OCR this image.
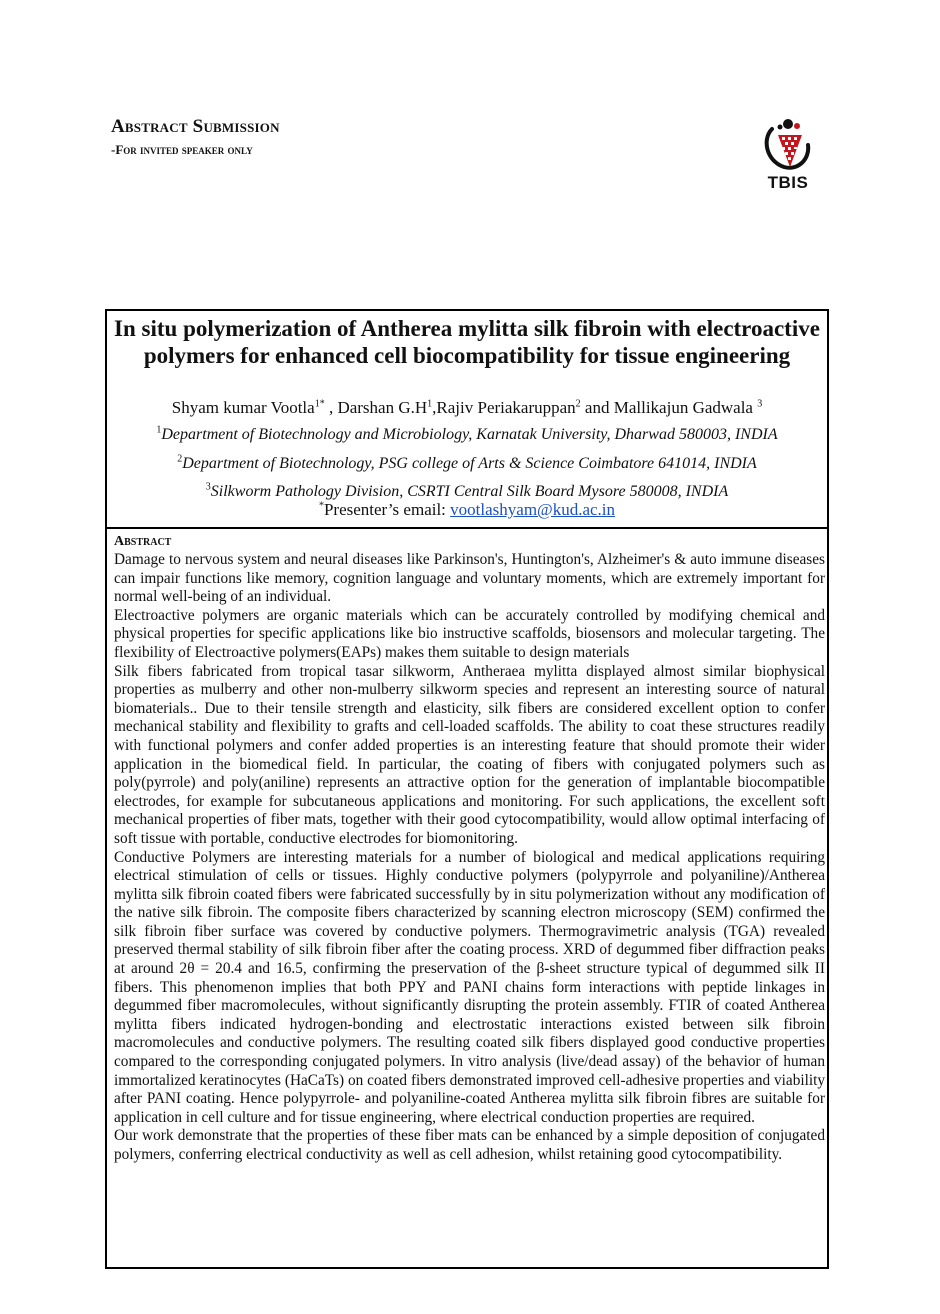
Abstract Submission
-For invited speaker only
TBIS
In situ polymerization of Antherea mylitta silk fibroin with electroactive polymers for enhanced cell biocompatibility for tissue engineering
Shyam kumar Vootla$^{1*}$ , Darshan $G.H^1,Rajiv$ Periakaruppan$^2$ and Mallikajun Gadwala $^3$
$^1$Department of Biotechnology and Microbiology, Karnatak University, Dharwad 580003, INDIA
$^2$Department of Biotechnology, PSG college of Arts & Science Coimbatore 641014, INDIA
$^3$Silkworm Pathology Division, CSRTI Central Silk Board Mysore 580008, INDIA
*Presenter’s email: vootlashyam@kud.ac.in
Abstract

Damage to nervous system and neural diseases like Parkinson's, Huntington's, Alzheimer's & auto immune diseases can impair functions like memory, cognition language and voluntary moments, which are extremely important for normal well-being of an individual.

Electroactive polymers are organic materials which can be accurately controlled by modifying chemical and physical properties for specific applications like bio instructive scaffolds, biosensors and molecular targeting. The flexibility of Electroactive polymers(EAPs) makes them suitable to design materials

Silk fibers fabricated from tropical tasar silkworm, Antheraea mylitta displayed almost similar biophysical properties as mulberry and other non-mulberry silkworm species and represent an interesting source of natural biomaterials.. Due to their tensile strength and elasticity, silk fibers are considered excellent option to confer mechanical stability and flexibility to grafts and cell-loaded scaffolds. The ability to coat these structures readily with functional polymers and confer added properties is an interesting feature that should promote their wider application in the biomedical field. In particular, the coating of fibers with conjugated polymers such as poly(pyrrole) and poly(aniline) represents an attractive option for the generation of implantable biocompatible electrodes, for example for subcutaneous applications and monitoring. For such applications, the excellent soft mechanical properties of fiber mats, together with their good cytocompatibility, would allow optimal interfacing of soft tissue with portable, conductive electrodes for biomonitoring.

Conductive Polymers are interesting materials for a number of biological and medical applications requiring electrical stimulation of cells or tissues. Highly conductive polymers (polypyrrole and polyaniline)/Antherea mylitta silk fibroin coated fibers were fabricated successfully by in situ polymerization without any modification of the native silk fibroin. The composite fibers characterized by scanning electron microscopy (SEM) confirmed the silk fibroin fiber surface was covered by conductive polymers. Thermogravimetric analysis (TGA) revealed preserved thermal stability of silk fibroin fiber after the coating process. XRD of degummed fiber diffraction peaks at around 2θ = 20.4 and 16.5, confirming the preservation of the β-sheet structure typical of degummed silk II fibers. This phenomenon implies that both PPY and PANI chains form interactions with peptide linkages in degummed fiber macromolecules, without significantly disrupting the protein assembly. FTIR of coated Antherea mylitta fibers indicated hydrogen-bonding and electrostatic interactions existed between silk fibroin macromolecules and conductive polymers. The resulting coated silk fibers displayed good conductive properties compared to the corresponding conjugated polymers. In vitro analysis (live/dead assay) of the behavior of human immortalized keratinocytes (HaCaTs) on coated fibers demonstrated improved cell-adhesive properties and viability after PANI coating. Hence polypyrrole- and polyaniline-coated Antherea mylitta silk fibroin fibres are suitable for application in cell culture and for tissue engineering, where electrical conduction properties are required.

Our work demonstrate that the properties of these fiber mats can be enhanced by a simple deposition of conjugated polymers, conferring electrical conductivity as well as cell adhesion, whilst retaining good cytocompatibility.
